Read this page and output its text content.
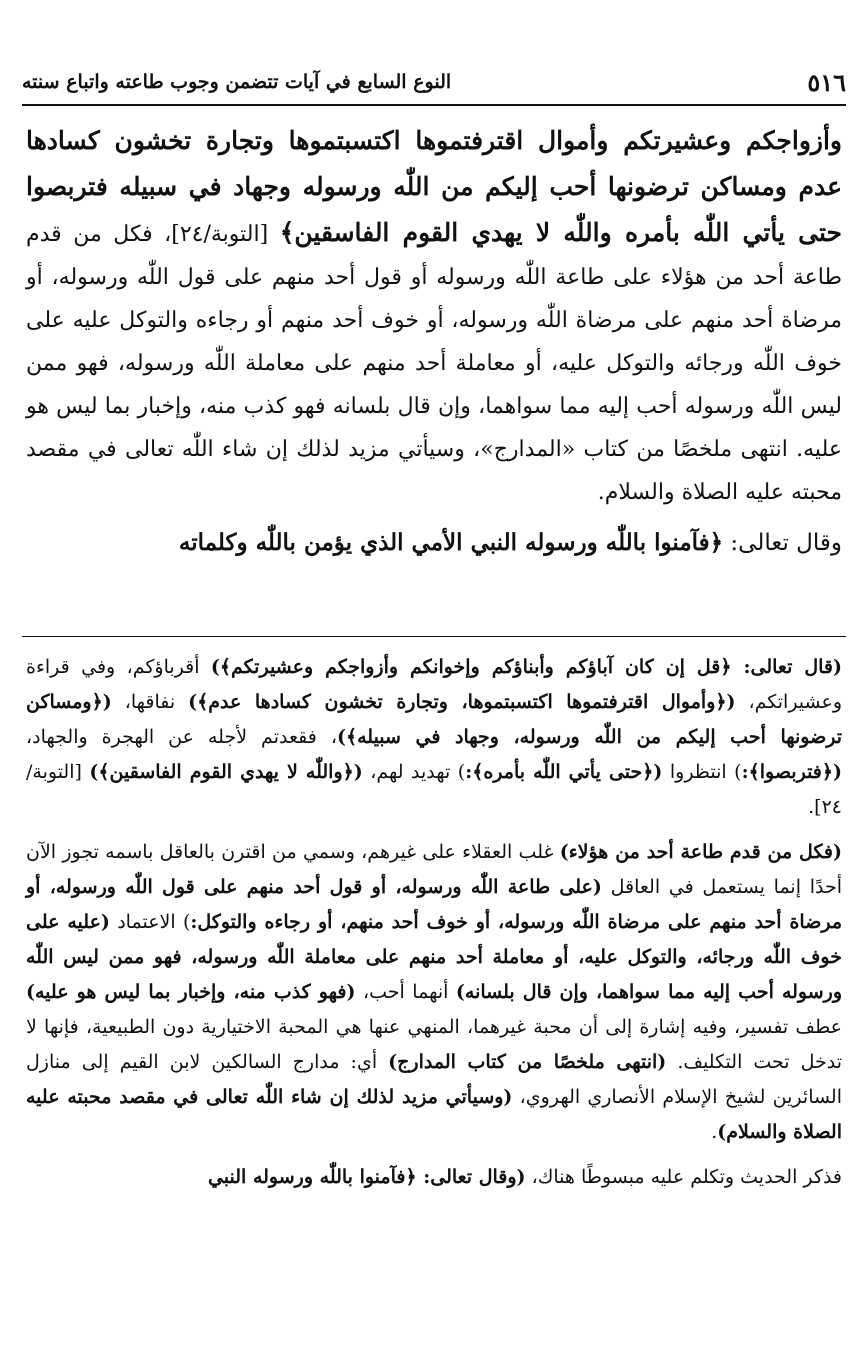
٥١٦
النوع السابع في آيات تتضمن وجوب طاعته واتباع سنته

وأزواجكم وعشيرتكم وأموال اقترفتموها اكتسبتموها وتجارة تخشون كسادها عدم ومساكن ترضونها أحب إليكم من اللّٰه ورسوله وجهاد في سبيله فتربصوا حتى يأتي اللّٰه بأمره واللّٰه لا يهدي القوم الفاسقين﴾ [التوبة/٢٤]، فكل من قدم طاعة أحد من هؤلاء على طاعة اللّٰه ورسوله أو قول أحد منهم على قول اللّٰه ورسوله، أو مرضاة أحد منهم على مرضاة اللّٰه ورسوله، أو خوف أحد منهم أو رجاءه والتوكل عليه على خوف اللّٰه ورجائه والتوكل عليه، أو معاملة أحد منهم على معاملة اللّٰه ورسوله، فهو ممن ليس اللّٰه ورسوله أحب إليه مما سواهما، وإن قال بلسانه فهو كذب منه، وإخبار بما ليس هو عليه. انتهى ملخصًا من كتاب «المدارج»، وسيأتي مزيد لذلك إن شاء اللّٰه تعالى في مقصد محبته عليه الصلاة والسلام.

وقال تعالى: ﴿فآمنوا باللّٰه ورسوله النبي الأمي الذي يؤمن باللّٰه وكلماته

(قال تعالى: ﴿قل إن كان آباؤكم وأبناؤكم وإخوانكم وأزواجكم وعشيرتكم﴾) أقرباؤكم، وفي قراءة وعشيراتكم، (﴿وأموال اقترفتموها اكتسبتموها، وتجارة تخشون كسادها عدم﴾) نفاقها، (﴿ومساكن ترضونها أحب إليكم من اللّٰه ورسوله، وجهاد في سبيله﴾)، فقعدتم لأجله عن الهجرة والجهاد، (﴿فتربصوا﴾:) انتظروا (﴿حتى يأتي اللّٰه بأمره﴾:) تهديد لهم، (﴿واللّٰه لا يهدي القوم الفاسقين﴾) [التوبة/٢٤].

(فكل من قدم طاعة أحد من هؤلاء) غلب العقلاء على غيرهم، وسمي من اقترن بالعاقل باسمه تجوز الآن أحدًا إنما يستعمل في العاقل (على طاعة اللّٰه ورسوله، أو قول أحد منهم على قول اللّٰه ورسوله، أو مرضاة أحد منهم على مرضاة اللّٰه ورسوله، أو خوف أحد منهم، أو رجاءه والتوكل:) الاعتماد (عليه على خوف اللّٰه ورجائه، والتوكل عليه، أو معاملة أحد منهم على معاملة اللّٰه ورسوله، فهو ممن ليس اللّٰه ورسوله أحب إليه مما سواهما، وإن قال بلسانه) أنهما أحب، (فهو كذب منه، وإخبار بما ليس هو عليه) عطف تفسير، وفيه إشارة إلى أن محبة غيرهما، المنهي عنها هي المحبة الاختيارية دون الطبيعية، فإنها لا تدخل تحت التكليف. (انتهى ملخصًا من كتاب المدارج) أي: مدارج السالكين لابن القيم إلى منازل السائرين لشيخ الإسلام الأنصاري الهروي، (وسيأتي مزيد لذلك إن شاء اللّٰه تعالى في مقصد محبته عليه الصلاة والسلام).

فذكر الحديث وتكلم عليه مبسوطًا هناك، (وقال تعالى: ﴿فآمنوا باللّٰه ورسوله النبي
